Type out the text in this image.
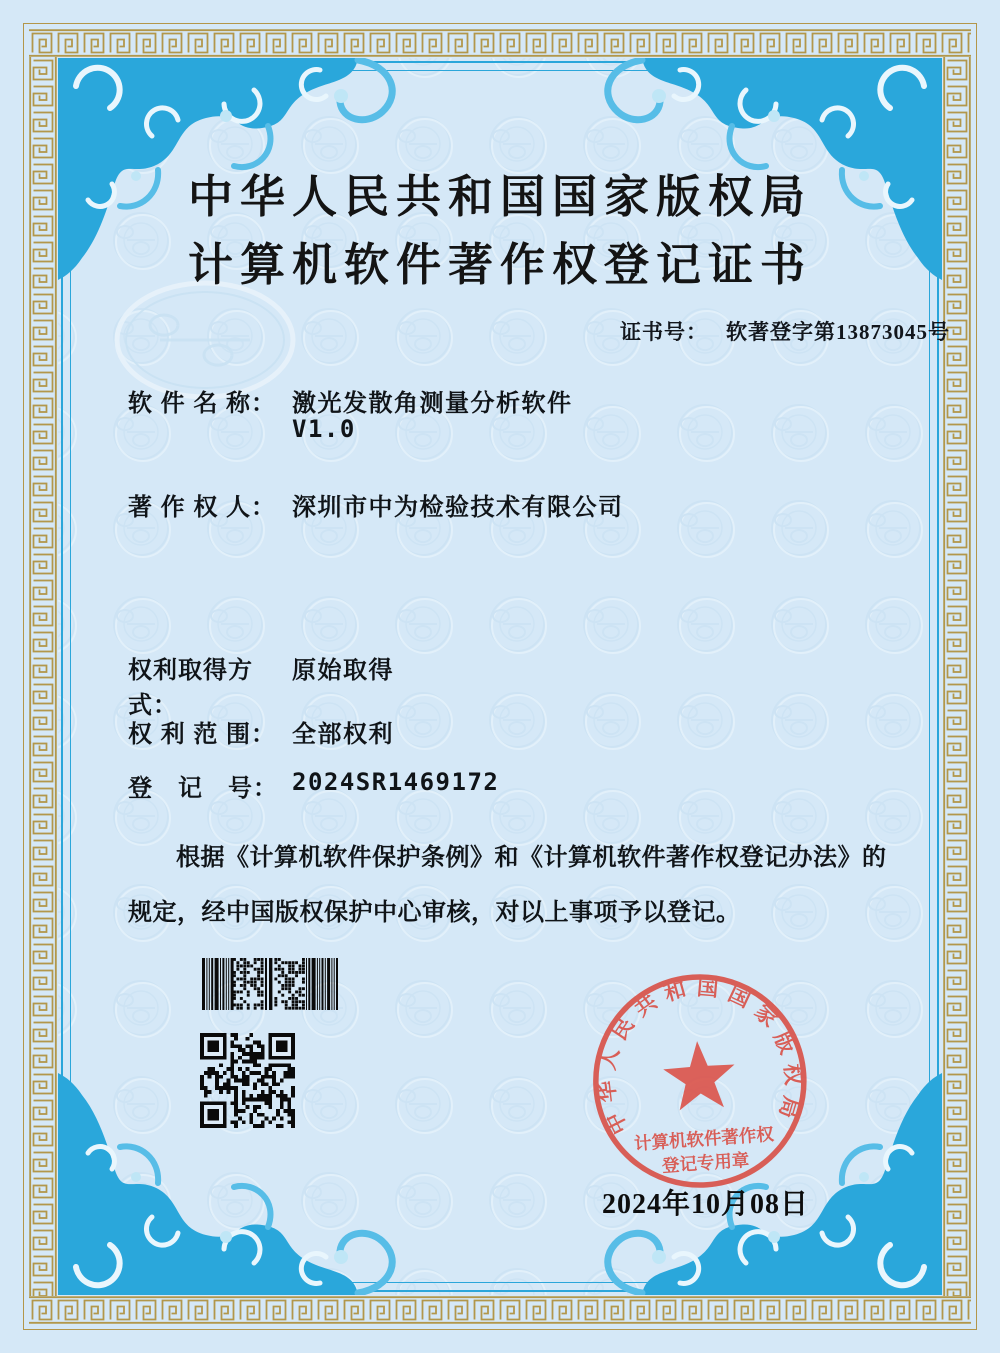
中华人民共和国国家版权局
计算机软件著作权登记证书
证书号： 软著登字第13873045号
软 件 名 称： 激光发散角测量分析软件
V1.0
著 作 权 人： 深圳市中为检验技术有限公司
权利取得方式：
原始取得
权 利 范 围： 全部权利
登　记　号： 2024SR1469172
根据《计算机软件保护条例》和《计算机软件著作权登记办法》的
规定，经中国版权保护中心审核，对以上事项予以登记。
中华人民共和国国家版权局
计算机软件著作权
登记专用章
2024年10月08日
